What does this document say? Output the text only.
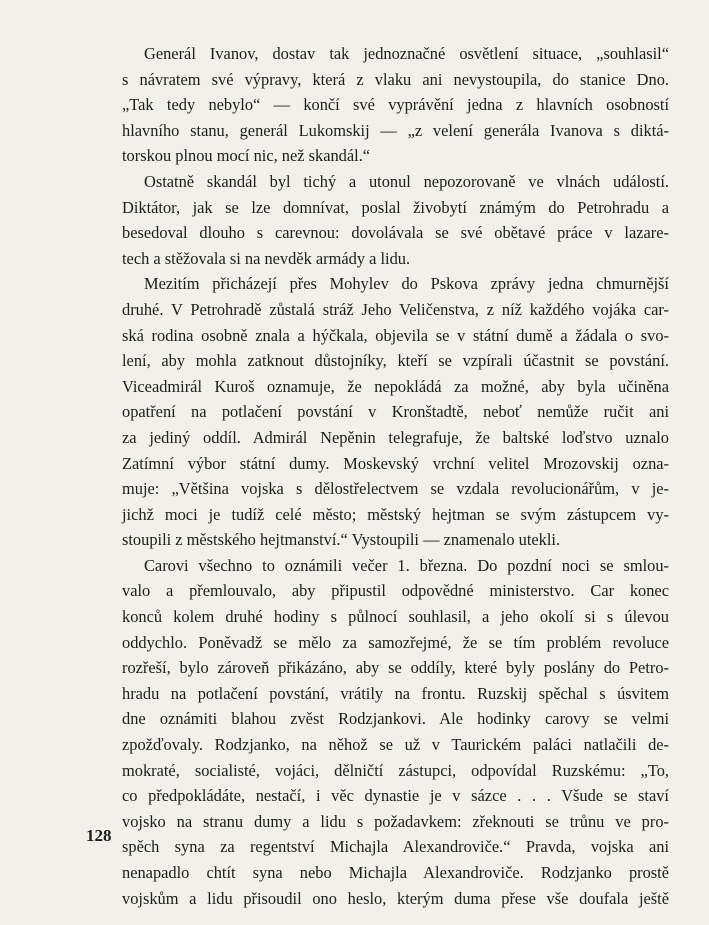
Generál Ivanov, dostav tak jednoznačné osvětlení situace, „souhlasil“
s návratem své výpravy, která z vlaku ani nevystoupila, do stanice Dno.
„Tak tedy nebylo“ — končí své vyprávění jedna z hlavních osobností
hlavního stanu, generál Lukomskij — „z velení generála Ivanova s diktá-
torskou plnou mocí nic, než skandál.“
Ostatně skandál byl tichý a utonul nepozorovaně ve vlnách událostí.
Diktátor, jak se lze domnívat, poslal živobytí známým do Petrohradu a
besedoval dlouho s carevnou: dovolávala se své obětavé práce v lazare-
tech a stěžovala si na nevděk armády a lidu.
Mezitím přicházejí přes Mohylev do Pskova zprávy jedna chmurnější
druhé. V Petrohradě zůstalá stráž Jeho Veličenstva, z níž každého vojáka car-
ská rodina osobně znala a hýčkala, objevila se v státní dumě a žádala o svo-
lení, aby mohla zatknout důstojníky, kteří se vzpírali účastnit se povstání.
Viceadmirál Kuroš oznamuje, že nepokládá za možné, aby byla učiněna
opatření na potlačení povstání v Kronštadtě, neboť nemůže ručit ani
za jediný oddíl. Admirál Nepěnin telegrafuje, že baltské loďstvo uznalo
Zatímní výbor státní dumy. Moskevský vrchní velitel Mrozovskij ozna-
muje: „Většina vojska s dělostřelectvem se vzdala revolucionářům, v je-
jichž moci je tudíž celé město; městský hejtman se svým zástupcem vy-
stoupili z městského hejtmanství.“ Vystoupili — znamenalo utekli.
Carovi všechno to oznámili večer 1. března. Do pozdní noci se smlou-
valo a přemlouvalo, aby připustil odpovědné ministerstvo. Car konec
konců kolem druhé hodiny s půlnocí souhlasil, a jeho okolí si s úlevou
oddychlo. Poněvadž se mělo za samozřejmé, že se tím problém revoluce
rozřeší, bylo zároveň přikázáno, aby se oddíly, které byly poslány do Petro-
hradu na potlačení povstání, vrátily na frontu. Ruzskij spěchal s úsvitem
dne oznámiti blahou zvěst Rodzjankovi. Ale hodinky carovy se velmi
zpožďovaly. Rodzjanko, na něhož se už v Taurickém paláci natlačili de-
mokraté, socialisté, vojáci, dělničtí zástupci, odpovídal Ruzskému: „To,
co předpokládáte, nestačí, i věc dynastie je v sázce . . . Všude se staví
vojsko na stranu dumy a lidu s požadavkem: zřeknouti se trůnu ve pro-
spěch syna za regentství Michajla Alexandroviče.“ Pravda, vojska ani
nenapadlo chtít syna nebo Michajla Alexandroviče. Rodzjanko prostě
vojskům a lidu přisoudil ono heslo, kterým duma přese vše doufala ještě
128
